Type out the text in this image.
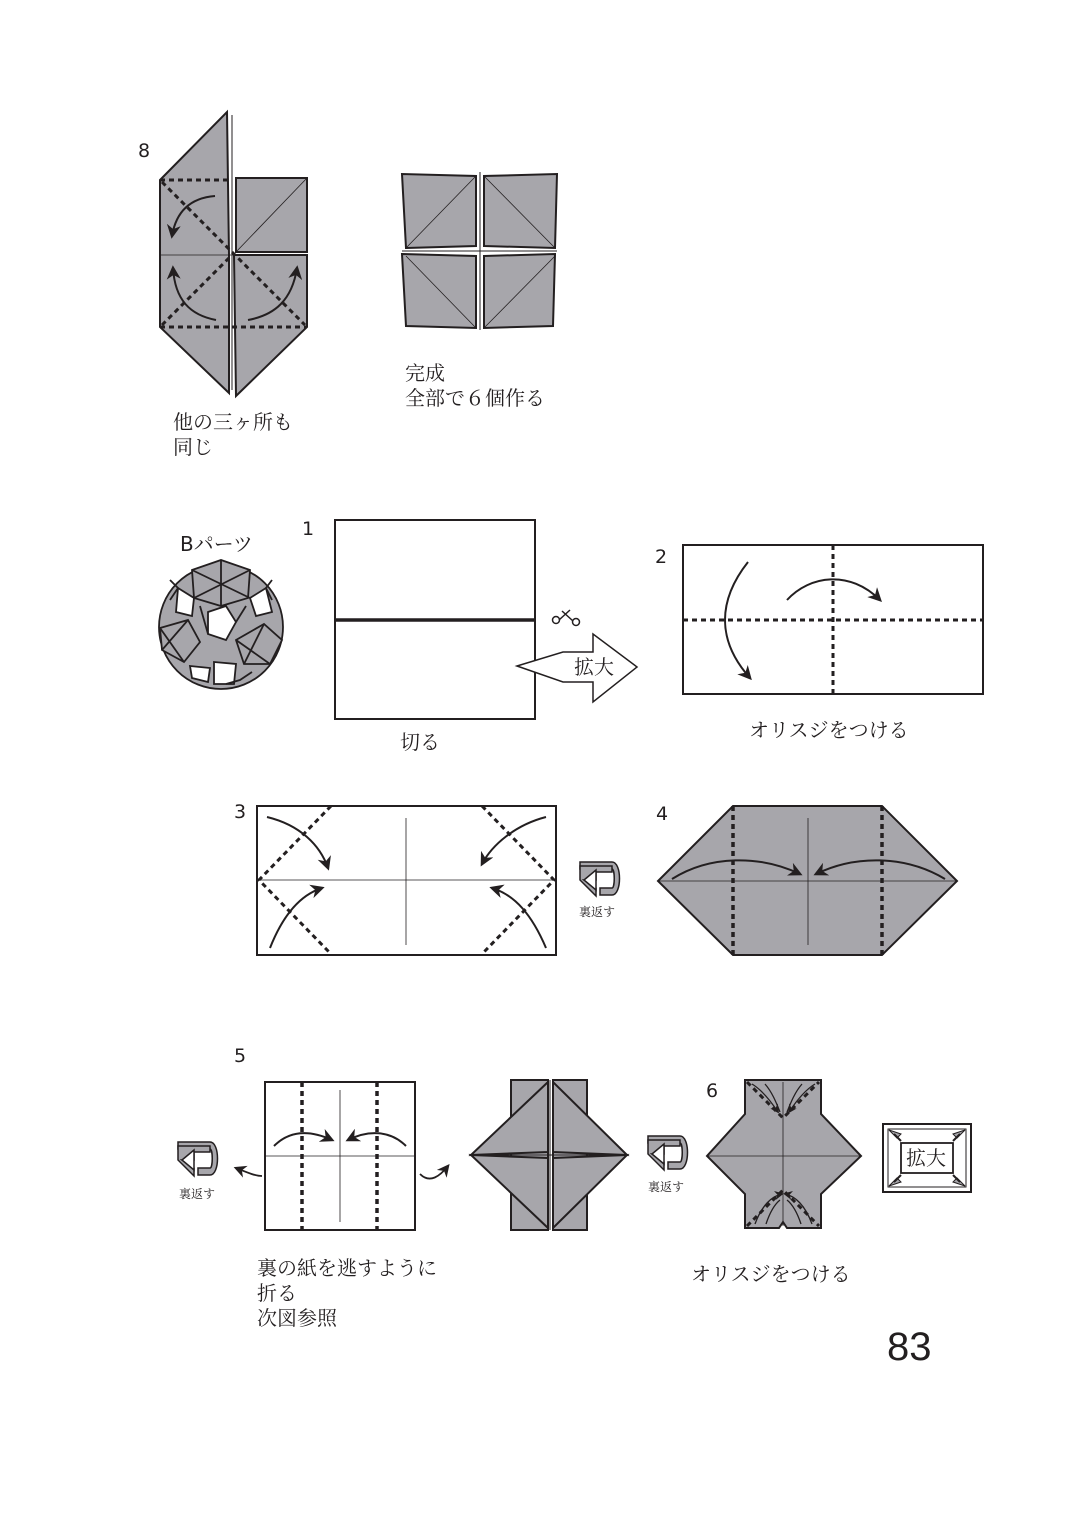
8

他の三ヶ所も
同じ
完成
全部で６個作る

Bパーツ

1

切る

拡大

2

オリスジをつける

3

裏返す

4

5

裏返す	裏返す

裏の紙を逃すように
折る
次図参照

6

オリスジをつける

拡大

83
